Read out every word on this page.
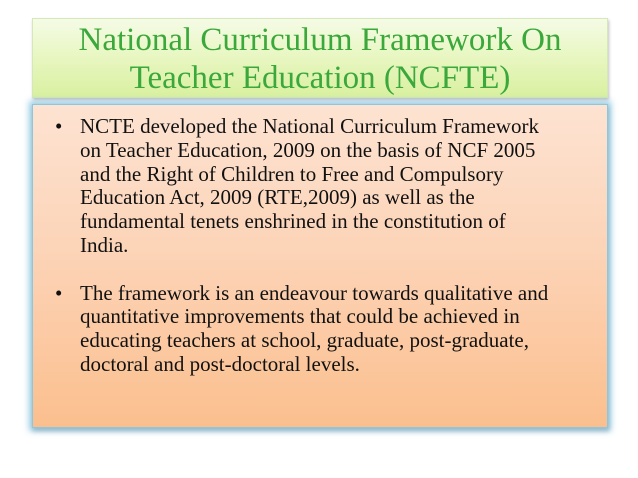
National Curriculum Framework On
Teacher Education (NCFTE)
• NCTE developed the National Curriculum Framework
on Teacher Education, 2009 on the basis of NCF 2005
and the Right of Children to Free and Compulsory
Education Act, 2009 (RTE,2009) as well as the
fundamental tenets enshrined in the constitution of
India.
• The framework is an endeavour towards qualitative and
quantitative improvements that could be achieved in
educating teachers at school, graduate, post-graduate,
doctoral and post-doctoral levels.
